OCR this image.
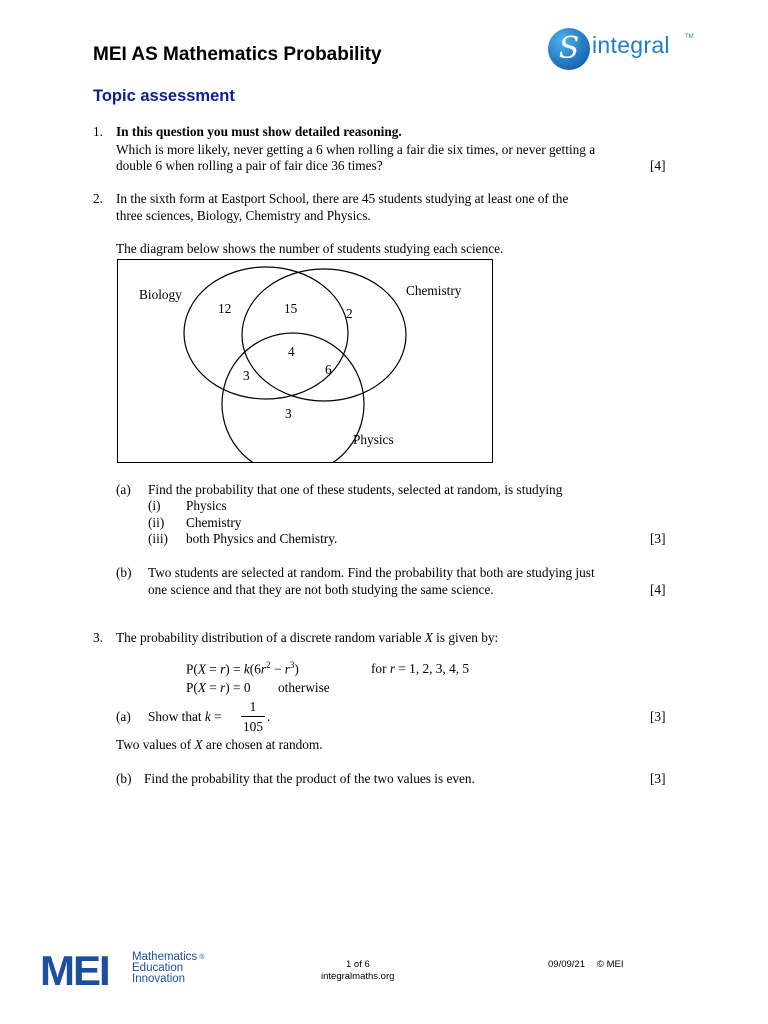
MEI AS Mathematics Probability
Topic assessment
S integral	TM
1. In this question you must show detailed reasoning.
Which is more likely, never getting a 6 when rolling a fair die six times, or never getting a
double 6 when rolling a pair of fair dice 36 times?	[4]
2. In the sixth form at Eastport School, there are 45 students studying at least one of the
three sciences, Biology, Chemistry and Physics.
The diagram below shows the number of students studying each science.
Biology	Chemistry
Physics
12	15	2
4
3	6
3
(a) Find the probability that one of these students, selected at random, is studying
(i) Physics
(ii) Chemistry
(iii) both Physics and Chemistry.	[3]
(b) Two students are selected at random. Find the probability that both are studying just
one science and that they are not both studying the same science.	[4]
3. The probability distribution of a discrete random variable X is given by:
$P(X = r) = k(6r^2 - r^3)$	for r = 1, 2, 3, 4, 5
P(X = r) = 0 otherwise
(a) Show that k =
1
105
.	[3]
Two values of X are chosen at random.
(b) Find the probability that the product of the two values is even.	[3]
MEI Mathematics ®
Education
Innovation
1 of 6
integralmaths.org
09/09/21 © MEI
